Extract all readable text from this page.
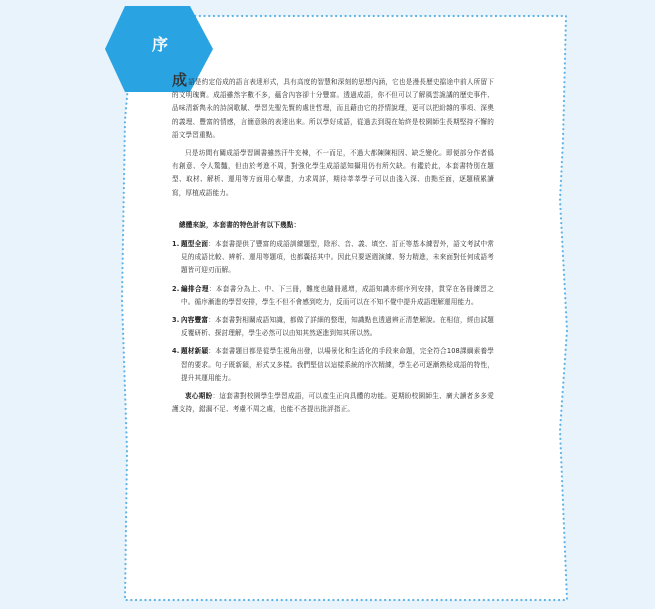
序

成語是約定俗成的語言表達形式，具有高度的智慧和深刻的思想內涵，它也是漫長歷史擋途中前人所留下的文明瑰寶。成語雖然字數不多，蘊含內容卻十分豐富。透過成語，你不但可以了解風雲詭譎的歷史事件、品味清新雋永的詩詞歌賦、學習先聖先賢的處世哲理，而且藉由它的抒情說理，更可以把紛雜的事項、深奧的義理、豐富的情感，言簡意賅的表達出來。所以學好成語，從過去到現在始終是校園師生長期堅持不懈的語文學習重點。

只是坊間有關成語學習圖書雖然汗牛充棟，不一而足，不過大都陳陳相因、缺乏變化。即便部分作者僞有創意、令人驚豔，但由於考進不周，對強化學生成語認知攝用仍有所欠缺。有鑑於此，本套書特別在題型、取材、解析、運用等方面用心擘畫，力求周詳，期待莘莘學子可以由淺入深、由點至面，逐題積累讀寫，厚植成語能力。

總體來說，本套書的特色計有以下幾點：
1. 題型全面：本套書提供了豐富的成語訓練題型，除形、音、義、填空、訂正等基本練習外，語文考試中常見的成語比較、辨析、運用等題項，也都囊括其中。因此只要逐週演練、努力精進，未來面對任何成語考題皆可迎刃而解。
2. 編排合理：本套書分為上、中、下三冊，難度也隨冊遞增，成語知識亦經序列安排，貫穿在各冊練習之中。循序漸進的學習安排，學生不但不會感到吃力，反而可以在不知不覺中提升成語理解運用能力。
3. 內容豐富：本套書對相關成語知識，都做了詳細的整理，知識點也透過辨正清楚解說。在相信，經由試題反覆研析、探討理解，學生必然可以由知其然逐進到知其所以然。
4. 題材新穎：本套書題目都是從學生視角出發，以場景化和生活化的手段來命題，完全符合108課綱素養學習的要求。句子既新穎，形式又多樣。我們堅信以這樣系統的序次精練，學生必可逐漸熟稔成語的特性，提升其運用能力。

衷心期盼：這套書對校園學生學習成語，可以產生正向具體的功能。更期盼校園師生、廣大讀者多多愛護支持，錯漏不足、考慮不周之處，也能不吝提出批評指正。
